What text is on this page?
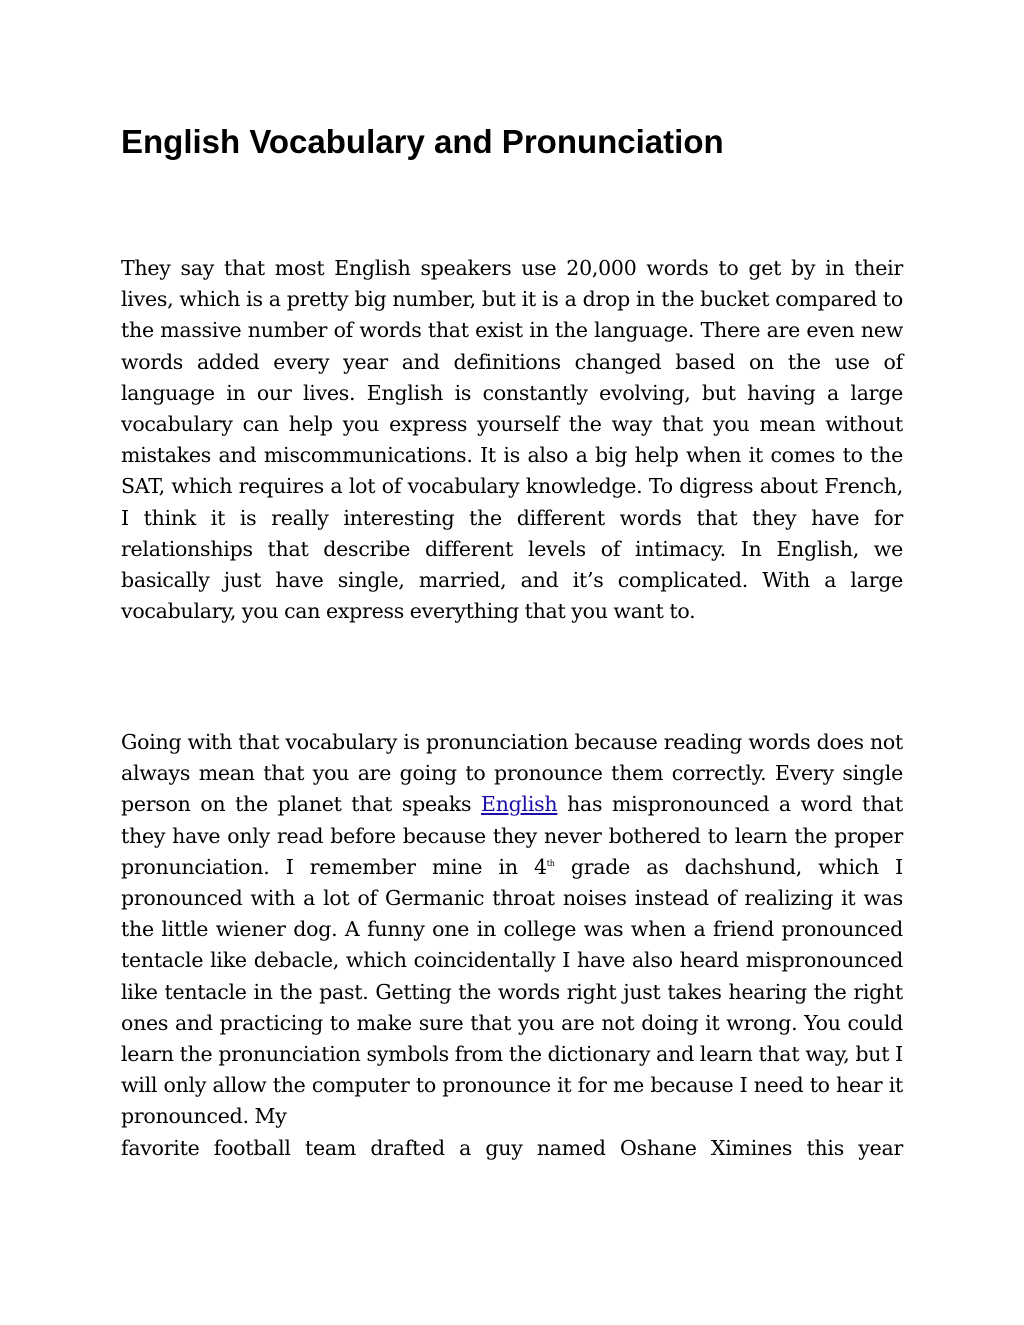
English Vocabulary and Pronunciation

They say that most English speakers use 20,000 words to get by in their lives, which is a pretty big number, but it is a drop in the bucket compared to the massive number of words that exist in the language. There are even new words added every year and definitions changed based on the use of language in our lives. English is constantly evolving, but having a large vocabulary can help you express yourself the way that you mean without mistakes and miscommunications. It is also a big help when it comes to the SAT, which requires a lot of vocabulary knowledge. To digress about French, I think it is really interesting the different words that they have for relationships that describe different levels of intimacy. In English, we basically just have single, married, and it’s complicated. With a large vocabulary, you can express everything that you want to.

Going with that vocabulary is pronunciation because reading words does not always mean that you are going to pronounce them correctly. Every single person on the planet that speaks English has mispronounced a word that they have only read before because they never bothered to learn the proper pronunciation. I remember mine in 4th grade as dachshund, which I pronounced with a lot of Germanic throat noises instead of realizing it was the little wiener dog. A funny one in college was when a friend pronounced tentacle like debacle, which coincidentally I have also heard mispronounced like tentacle in the past. Getting the words right just takes hearing the right ones and practicing to make sure that you are not doing it wrong. You could learn the pronunciation symbols from the dictionary and learn that way, but I will only allow the computer to pronounce it for me because I need to hear it pronounced. My
favorite football team drafted a guy named Oshane Ximines this year
